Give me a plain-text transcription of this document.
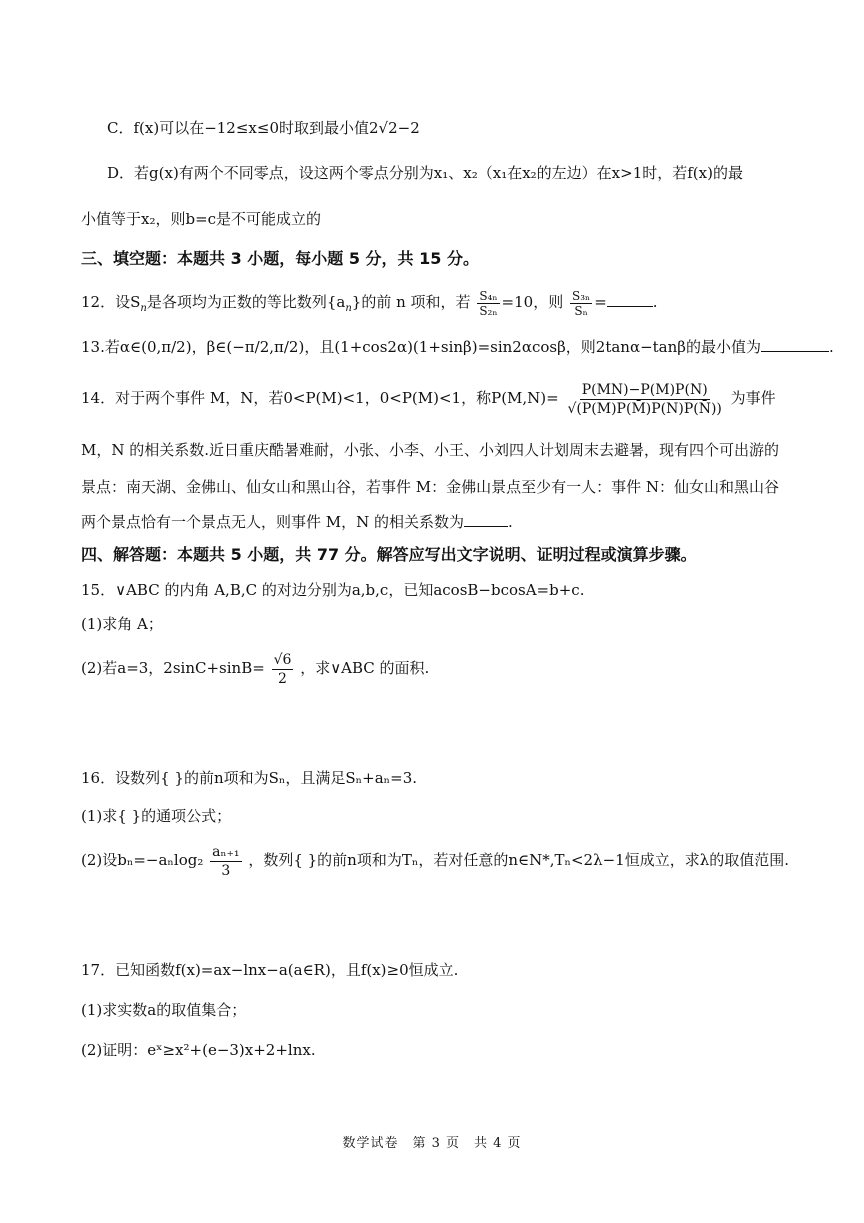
C．f(x)可以在−12≤x≤0时取到最小值2√2−2
D．若g(x)有两个不同零点，设这两个零点分别为x₁、x₂（x₁在x₂的左边）在x>1时，若f(x)的最
小值等于x₂，则b=c是不可能成立的
三、填空题：本题共 3 小题，每小题 5 分，共 15 分。
12．设$S_n$是各项均为正数的等比数列$\{a_n\}$的前 n 项和，若 $\frac{\text{S₄ₙ}}{\text{S₂ₙ}} =10$，则 $\frac{\text{S₃ₙ}}{\text{Sₙ}}$ =	.
13.若α∈(0,π/2)，β∈(−π/2,π/2)，且(1+cos2α)(1+sinβ)=sin2αcosβ，则2tanα−tanβ的最小值为	.
14．对于两个事件 M，N，若0<P(M)<1，0<P(M)<1，称$P(M,N)= \frac{P(MN)-P(M)P(N)}{√(P(M)P(M̄)P(N)P(N̄))}$ 为事件
M，N 的相关系数.近日重庆酷暑难耐，小张、小李、小王、小刘四人计划周末去避暑，现有四个可出游的
景点：南天湖、金佛山、仙女山和黑山谷，若事件 M：金佛山景点至少有一人：事件 N：仙女山和黑山谷
两个景点恰有一个景点无人，则事件 M，N 的相关系数为	.
四、解答题：本题共 5 小题，共 77 分。解答应写出文字说明、证明过程或演算步骤。
15．∨ABC 的内角 A,B,C 的对边分别为a,b,c，已知acosB−bcosA=b+c.
(1)求角 A；
(2)若a=3，$2\sin C+\sin B= \frac{√6}{2}$ ，求∨ABC 的面积.
16．设数列{ }的前n项和为Sₙ，且满足Sₙ+aₙ=3.
(1)求{ }的通项公式；
(2)设$b_n=-a_n\log_2 \frac{\text{aₙ₊₁}}{3}$ ，数列{ }的前n项和为Tₙ，若对任意的n∈N*,Tₙ<2λ−1恒成立，求λ的取值范围.
17．已知函数f(x)=ax−lnx−a(a∈R)，且f(x)≥0恒成立.
(1)求实数a的取值集合；
(2)证明：eˣ≥x²+(e−3)x+2+lnx.
数学试卷　第 3 页　共 4 页
